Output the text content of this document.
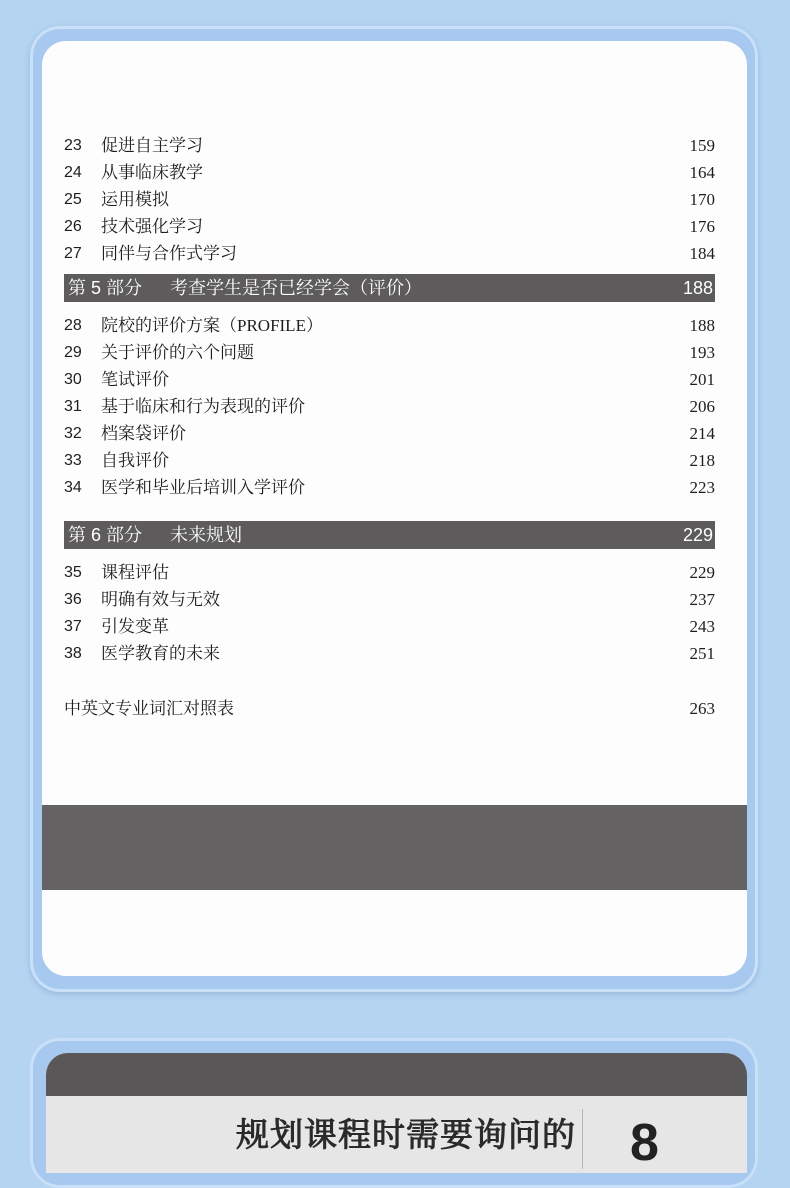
23	促进自主学习	159
24	从事临床教学	164
25	运用模拟	170
26	技术强化学习	176
27	同伴与合作式学习	184
第 5 部分 考查学生是否已经学会（评价）	188
28	院校的评价方案（PROFILE）	188
29	关于评价的六个问题	193
30	笔试评价	201
31	基于临床和行为表现的评价	206
32	档案袋评价	214
33	自我评价	218
34	医学和毕业后培训入学评价	223
第 6 部分 未来规划	229
35	课程评估	229
36	明确有效与无效	237
37	引发变革	243
38	医学教育的未来	251
中英文专业词汇对照表	263
规划课程时需要询问的 8
